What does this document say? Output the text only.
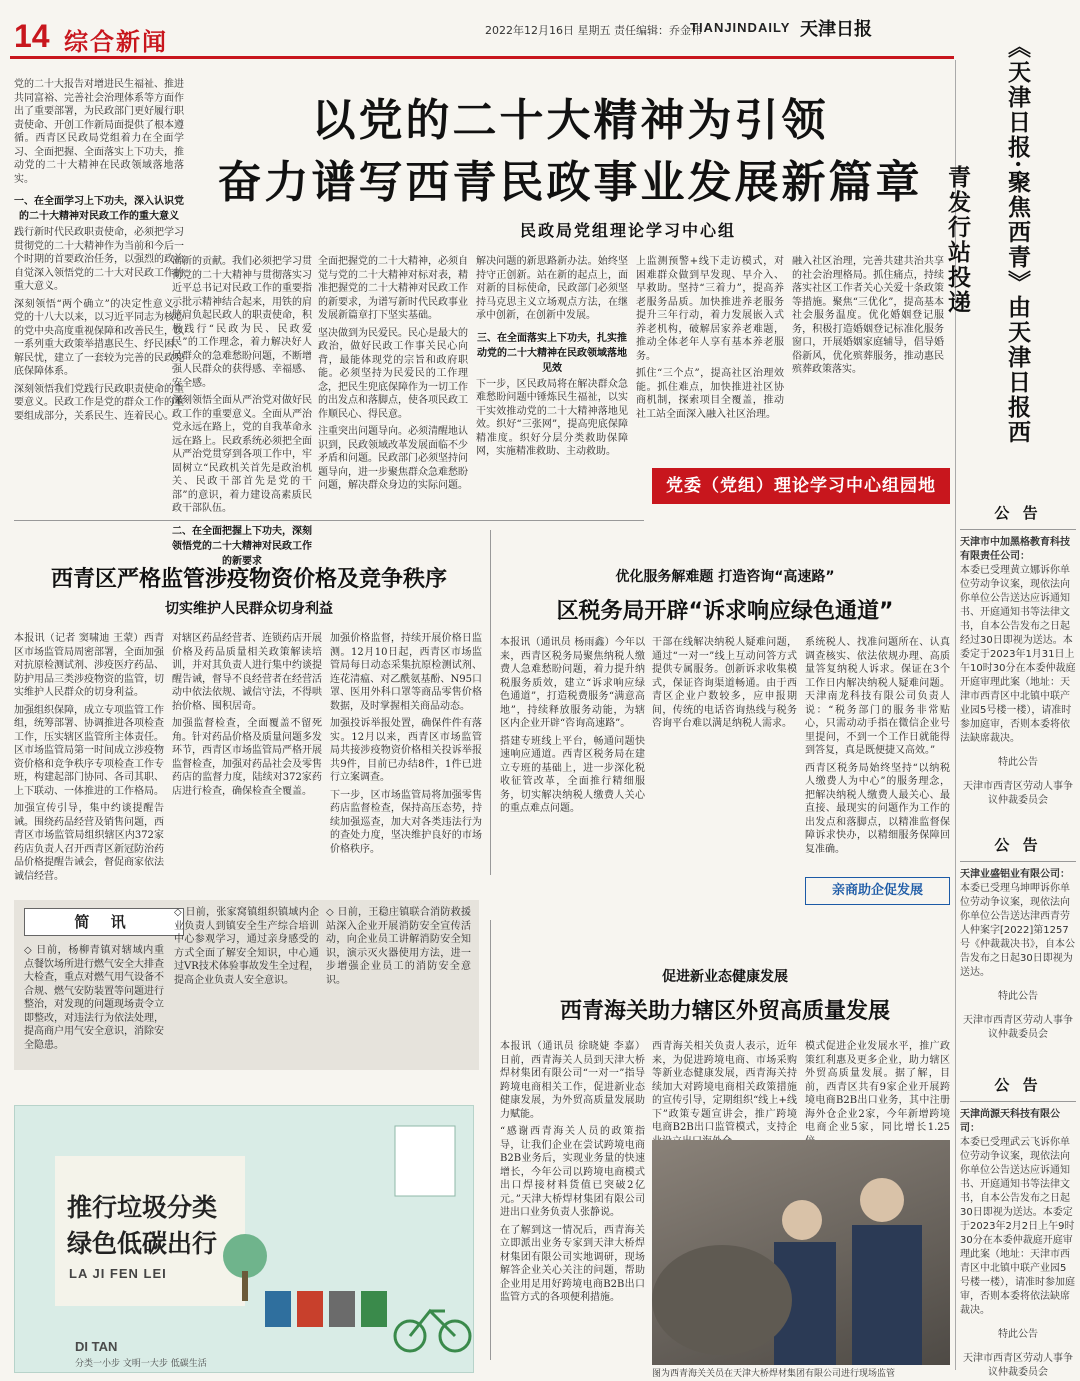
14 综合新闻	2022年12月16日 星期五 责任编辑：乔金伟
TIANJINDAILY 天津日报
《天津日报·聚焦西青》由天津日报西青发行站投递

党的二十大报告对增进民生福祉、推进共同富裕、完善社会治理体系等方面作出了重要部署，为民政部门更好履行职责使命、开创工作新局面提供了根本遵循。西青区民政局党组着力在全面学习、全面把握、全面落实上下功夫，推动党的二十大精神在民政领域落地落实。

一、在全面学习上下功夫，深入认识党的二十大精神对民政工作的重大意义

践行新时代民政职责使命，必须把学习贯彻党的二十大精神作为当前和今后一个时期的首要政治任务，以强烈的政治自觉深入领悟党的二十大对民政工作的重大意义。

深刻领悟“两个确立”的决定性意义。党的十八大以来，以习近平同志为核心的党中央高度重视保障和改善民生，以一系列重大政策举措惠民生、纾民困、解民忧，建立了一套较为完善的民政兜底保障体系。

深刻领悟我们党践行民政职责使命的重要意义。民政工作是党的群众工作的重要组成部分，关系民生、连着民心。

以党的二十大精神为引领
奋力谱写西青民政事业发展新篇章
民政局党组理论学习中心组

出新的贡献。我们必须把学习贯彻党的二十大精神与贯彻落实习近平总书记对民政工作的重要指示批示精神结合起来，用铁的肩膀肩负起民政人的职责使命，积极践行“民政为民、民政爱民”的工作理念，着力解决好人民群众的急难愁盼问题，不断增强人民群众的获得感、幸福感、安全感。

深刻领悟全面从严治党对做好民政工作的重要意义。全面从严治党永远在路上，党的自我革命永远在路上。民政系统必须把全面从严治党贯穿到各项工作中，牢固树立“民政机关首先是政治机关、民政干部首先是党的干部”的意识，着力建设高素质民政干部队伍。

二、在全面把握上下功夫，深刻领悟党的二十大精神对民政工作的新要求

全面把握党的二十大精神，必须自觉与党的二十大精神对标对表，精准把握党的二十大精神对民政工作的新要求，为谱写新时代民政事业发展新篇章打下坚实基础。

坚决做到为民爱民。民心是最大的政治，做好民政工作事关民心向背，最能体现党的宗旨和政府职能。必须坚持为民爱民的工作理念，把民生兜底保障作为一切工作的出发点和落脚点，使各项民政工作顺民心、得民意。

注重突出问题导向。必须清醒地认识到，民政领域改革发展面临不少矛盾和问题。民政部门必须坚持问题导向，进一步聚焦群众急难愁盼问题，解决群众身边的实际问题。

解决问题的新思路新办法。始终坚持守正创新。站在新的起点上，面对新的目标使命，民政部门必须坚持马克思主义立场观点方法，在继承中创新，在创新中发展。

三、在全面落实上下功夫，扎实推动党的二十大精神在民政领域落地见效

下一步，区民政局将在解决群众急难愁盼问题中锤炼民生福祉，以实干实效推动党的二十大精神落地见效。织好“三张网”，提高兜底保障精准度。织好分层分类救助保障网，实施精准救助、主动救助。

上监测预警+线下走访模式，对困难群众做到早发现、早介入、早救助。坚持“三着力”，提高养老服务品质。加快推进养老服务提升三年行动，着力发展嵌入式养老机构，破解居家养老难题，推动全体老年人享有基本养老服务。

抓住“三个点”，提高社区治理效能。抓住难点，加快推进社区协商机制，探索项目全覆盖，推动社工站全面深入融入社区治理。

融入社区治理，完善共建共治共享的社会治理格局。抓住痛点，持续落实社区工作者关心关爱十条政策等措施。聚焦“三优化”，提高基本社会服务温度。优化婚姻登记服务，积极打造婚姻登记标准化服务窗口，开展婚姻家庭辅导，倡导婚俗新风，优化殡葬服务，推动惠民殡葬政策落实。

党委（党组）理论学习中心组园地
西青区严格监管涉疫物资价格及竞争秩序
切实维护人民群众切身利益

本报讯（记者 窦啸迪 王蒙）西青区市场监管局周密部署，全面加强对抗原检测试剂、涉疫医疗药品、防护用品三类涉疫物资的监管，切实维护人民群众的切身利益。

加强组织保障，成立专项监管工作组，统筹部署、协调推进各项检查工作，压实辖区监管所主体责任。区市场监管局第一时间成立涉疫物资价格和竞争秩序专项检查工作专班，构建起部门协同、各司其职、上下联动、一体推进的工作格局。

加强宣传引导，集中约谈提醒告诫。围绕药品经营及销售问题，西青区市场监管局组织辖区内372家药店负责人召开西青区新冠防治药品价格提醒告诫会，督促商家依法诚信经营。

对辖区药品经营者、连锁药店开展价格及药品质量相关政策解读培训，并对其负责人进行集中约谈提醒告诫，督导不良经营者在经营活动中依法依规、诚信守法，不得哄抬价格、囤积居奇。

加强监督检查，全面覆盖不留死角。针对药品价格及质量问题多发环节，西青区市场监管局严格开展监督检查，加强对药品社会及零售药店的监督力度，陆续对372家药店进行检查，确保检查全覆盖。

加强价格监督，持续开展价格日监测。12月10日起，西青区市场监管局每日动态采集抗原检测试剂、连花清瘟、对乙酰氨基酚、N95口罩、医用外科口罩等商品零售价格数据，及时掌握相关商品动态。

加强投诉举报处置，确保件件有落实。12月以来，西青区市场监管局共接涉疫物资价格相关投诉举报共9件，目前已办结8件，1件已进行立案调查。

下一步，区市场监管局将加强零售药店监督检查，保持高压态势，持续加强巡查，加大对各类违法行为的查处力度，坚决维护良好的市场价格秩序。

优化服务解难题 打造咨询“高速路”
区税务局开辟“诉求响应绿色通道”

本报讯（通讯员 杨雨鑫）今年以来，西青区税务局聚焦纳税人缴费人急难愁盼问题，着力提升纳税服务质效，建立“诉求响应绿色通道”，打造税费服务“满意高地”，持续释放服务动能，为辖区内企业开辟“咨询高速路”。

搭建专班线上平台，畅通问题快速响应通道。西青区税务局在建立专班的基础上，进一步深化税收征管改革，全面推行精细服务，切实解决纳税人缴费人关心的重点难点问题。

干部在线解决纳税人疑难问题，通过“一对一”线上互动问答方式提供专属服务。创新诉求收集模式，保证咨询渠道畅通。由于西青区企业户数较多，应申报期间，传统的电话咨询热线与税务咨询平台难以满足纳税人需求。

系统税人、找准问题所在、认真调查核实、依法依规办理、高质量答复纳税人诉求。保证在3个工作日内解决纳税人疑难问题。天津南龙科技有限公司负责人说：“税务部门的服务非常贴心，只需动动手指在微信企业号里提问，不到一个工作日就能得到答复，真是既便捷又高效。”

西青区税务局始终坚持“以纳税人缴费人为中心”的服务理念，把解决纳税人缴费人最关心、最直接、最现实的问题作为工作的出发点和落脚点，以精准监督保障诉求快办，以精细服务保障回复准确。

亲商助企促发展
简 讯

◇ 日前，杨柳青镇对辖域内重点餐饮场所进行燃气安全大排查大检查，重点对燃气用气设备不合规、燃气安防装置等问题进行整治，对发现的问题现场责令立即整改，对违法行为依法处理，提高商户用气安全意识，消除安全隐患。

◇ 日前，张家窝镇组织镇域内企业负责人到镇安全生产综合培训中心参观学习，通过亲身感受的方式全面了解安全知识，中心通过VR技术体验事故发生全过程，提高企业负责人安全意识。

◇ 日前，王稳庄镇联合消防救援站深入企业开展消防安全宣传活动，向企业员工讲解消防安全知识，演示灭火器使用方法，进一步增强企业员工的消防安全意识。

推行垃圾分类
绿色低碳出行
LA JI FEN LEI
DI TAN
分类一小步 文明一大步 低碳生活
促进新业态健康发展
西青海关助力辖区外贸高质量发展

本报讯（通讯员 徐晓婕 李嘉）日前，西青海关人员到天津大桥焊材集团有限公司“一对一”指导跨境电商相关工作，促进新业态健康发展，为外贸高质量发展助力赋能。

“感谢西青海关人员的政策指导，让我们企业在尝试跨境电商B2B业务后，实现业务量的快速增长，今年公司以跨境电商模式出口焊接材料货值已突破2亿元。”天津大桥焊材集团有限公司进出口业务负责人张静说。

在了解到这一情况后，西青海关立即派出业务专家到天津大桥焊材集团有限公司实地调研，现场解答企业关心关注的问题，帮助企业用足用好跨境电商B2B出口监管方式的各项便利措施。

西青海关相关负责人表示，近年来，为促进跨境电商、市场采购等新业态健康发展，西青海关持续加大对跨境电商相关政策措施的宣传引导，定期组织“线上+线下”政策专题宣讲会，推广跨境电商B2B出口监管模式，支持企

模式促进企业发展水平，推广政策红利惠及更多企业，助力辖区外贸高质量发展。据了解，目前，西青区共有9家企业开展跨境电商B2B出口业务，其中注册海外仓企业2家，今年新增跨境电商企业5家，同比增长1.25

图为西青海关关员在天津大桥焊材集团有限公司进行现场监管
公 告
天津市中加黑格教育科技有限责任公司：
本委已受理黄立娜诉你单位劳动争议案，现依法向你单位公告送达应诉通知书、开庭通知书等法律文书，自本公告发布之日起经过30日即视为送达。本委定于2023年1月31日上午10时30分在本委仲裁庭开庭审理此案（地址：天津市西青区中北镇中联产业园5号楼一楼），请准时参加庭审，否则本委将依法缺席裁决。
特此公告
天津市西青区劳动人事争议仲裁委员会
公 告
天津业盛铝业有限公司：
本委已受理乌坤呷诉你单位劳动争议案，现依法向你单位公告送达津西青劳人仲案字[2022]第1257号《仲裁裁决书》，自本公告发布之日起30日即视为送达。
特此公告
天津市西青区劳动人事争议仲裁委员会
公 告
天津尚源天科技有限公司：
本委已受理武云飞诉你单位劳动争议案，现依法向你单位公告送达应诉通知书、开庭通知书等法律文书，自本公告发布之日起30日即视为送达。本委定于2023年2月2日上午9时30分在本委仲裁庭开庭审理此案（地址：天津市西青区中北镇中联产业园5号楼一楼），请准时参加庭审，否则本委将依法缺席裁决。
特此公告
天津市西青区劳动人事争议仲裁委员会
